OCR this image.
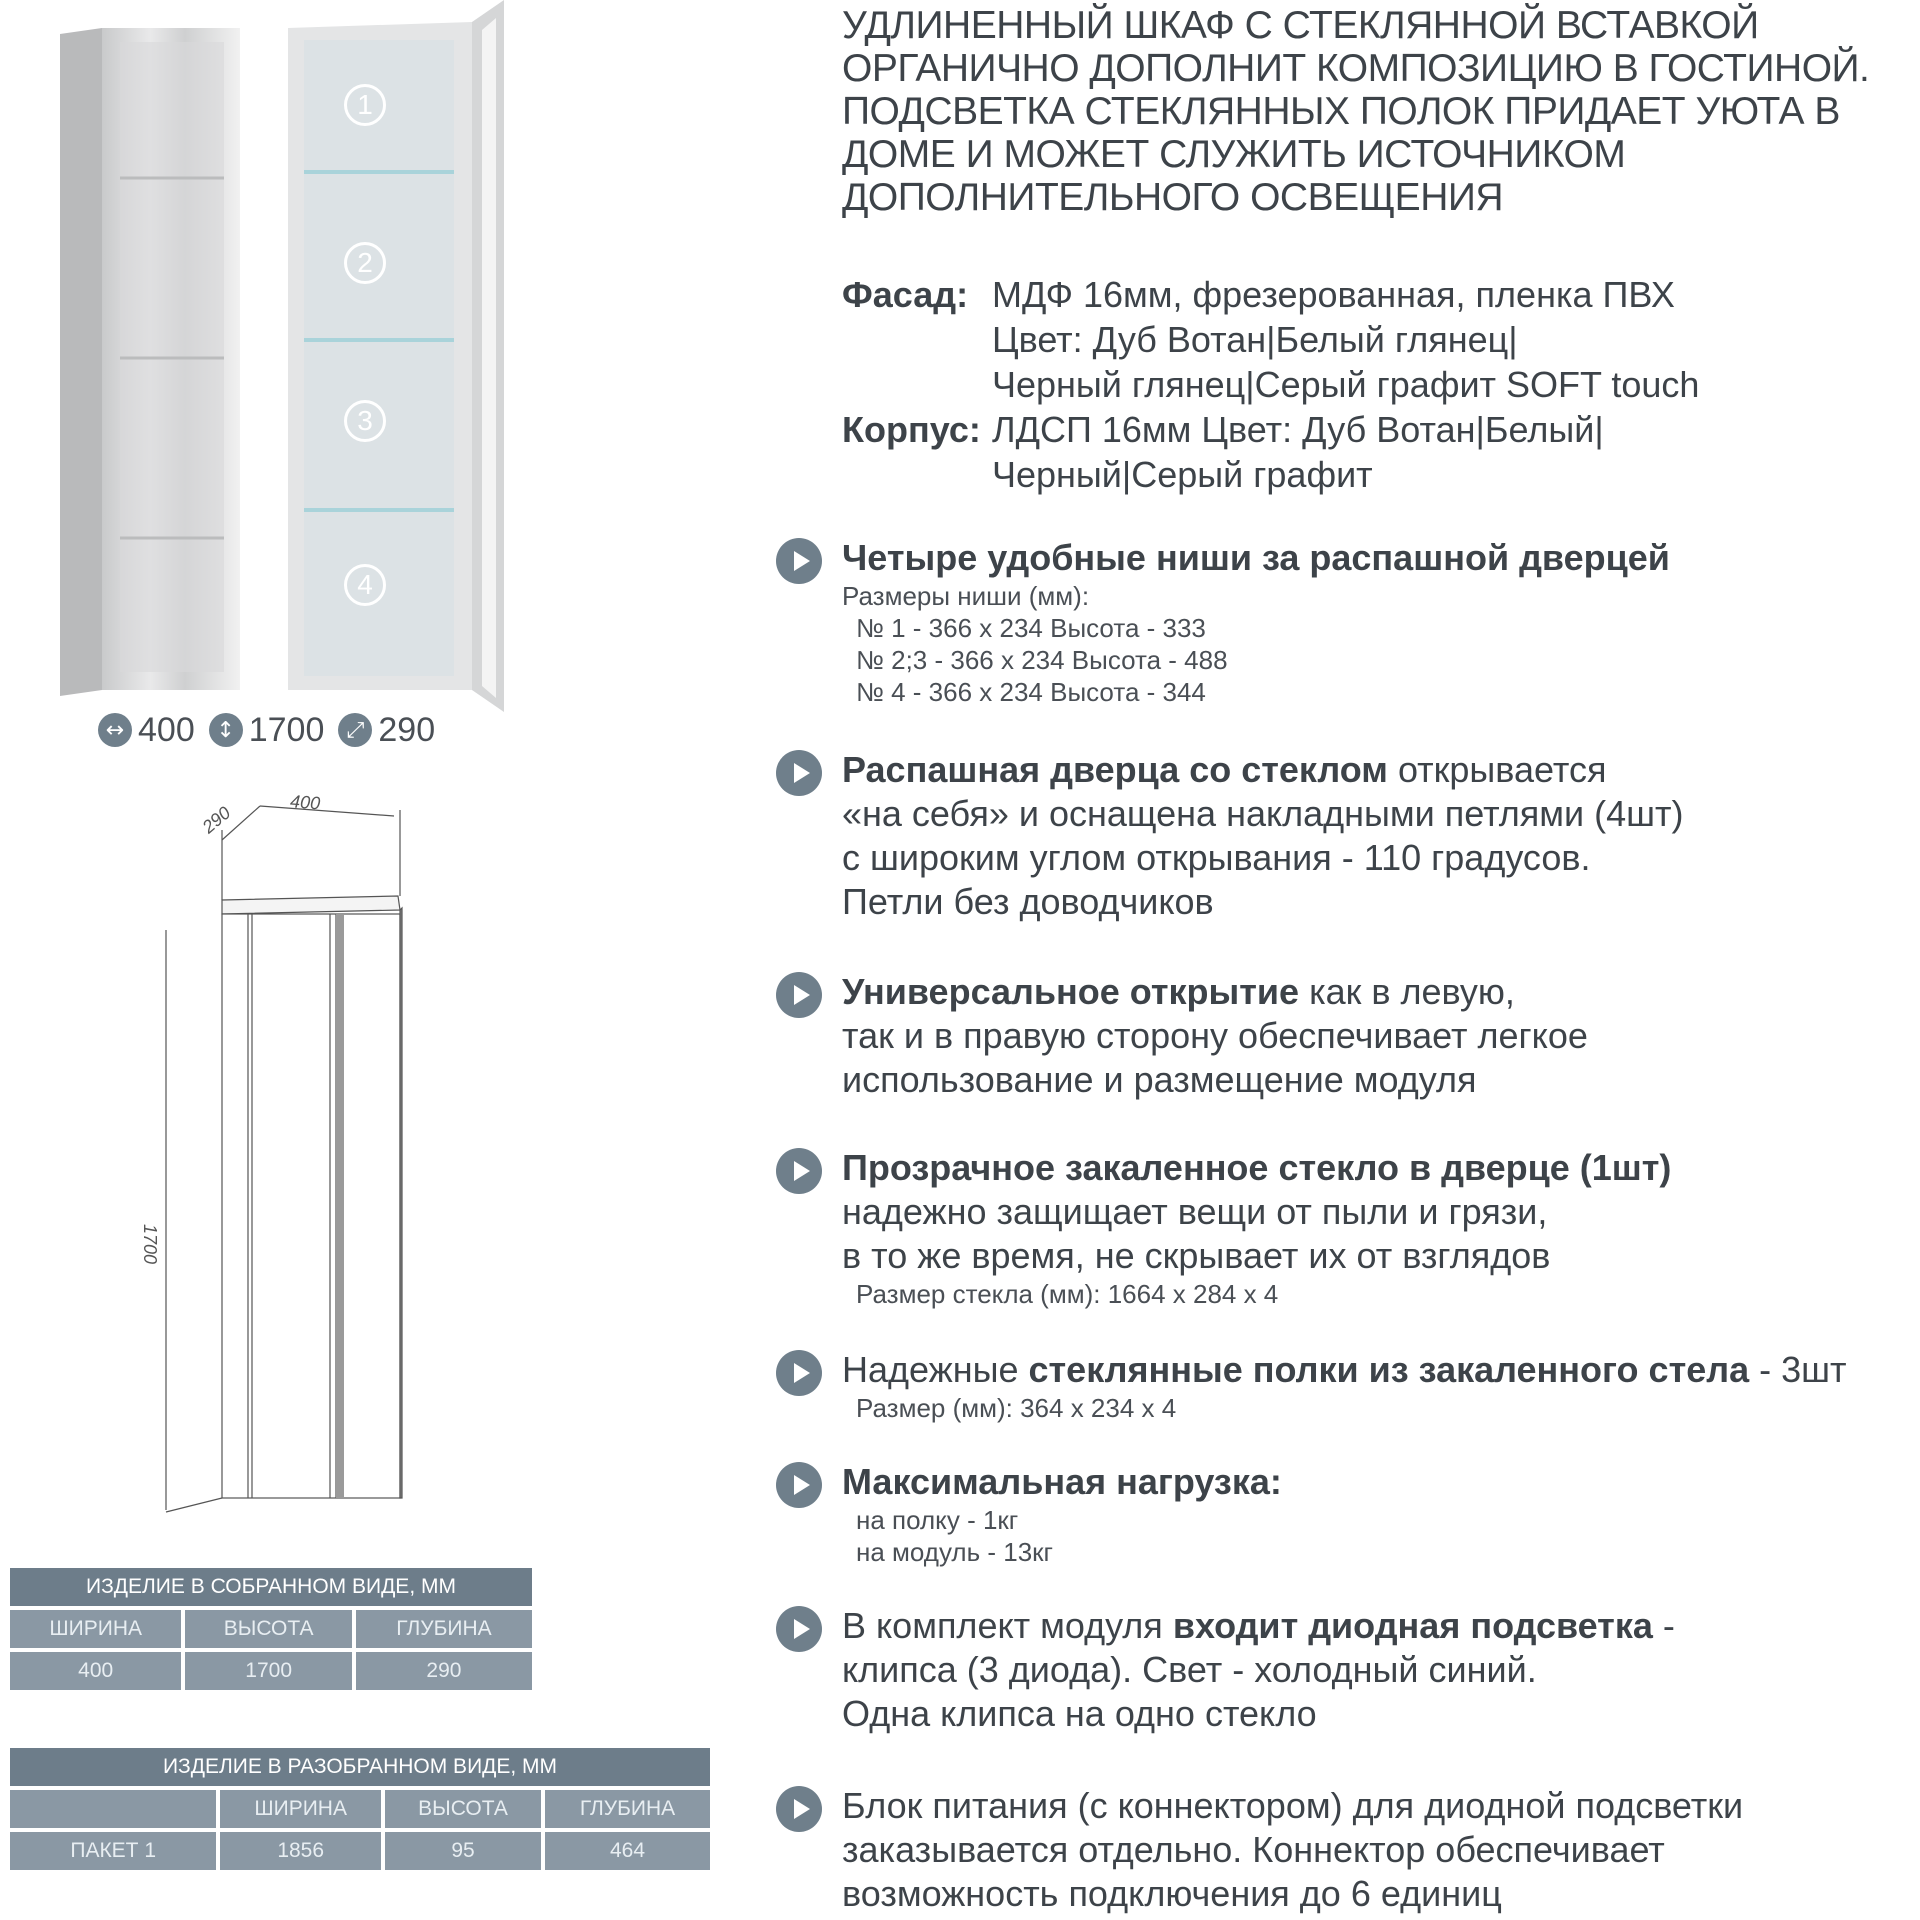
1
2
3
4
↔ 400 ↕ 1700	⤢ 290
290
400
1700
ИЗДЕЛИЕ В СОБРАННОМ ВИДЕ, ММ		
ШИРИНА	ВЫСОТА	ГЛУБИНА
400	1700	290
ИЗДЕЛИЕ В РАЗОБРАННОМ ВИДЕ, ММ			
	ШИРИНА	ВЫСОТА	ГЛУБИНА
ПАКЕТ 1	1856	95	464
УДЛИНЕННЫЙ ШКАФ С СТЕКЛЯННОЙ ВСТАВКОЙ
ОРГАНИЧНО ДОПОЛНИТ КОМПОЗИЦИЮ В ГОСТИНОЙ.
ПОДСВЕТКА СТЕКЛЯННЫХ ПОЛОК ПРИДАЕТ УЮТА В
ДОМЕ И МОЖЕТ СЛУЖИТЬ ИСТОЧНИКОМ
ДОПОЛНИТЕЛЬНОГО ОСВЕЩЕНИЯ
Фасад: МДФ 16мм, фрезерованная, пленка ПВХ
Цвет: Дуб Вотан|Белый глянец|
Черный глянец|Серый графит SOFT touch
Корпус: ЛДСП 16мм Цвет: Дуб Вотан|Белый|
Черный|Серый графит
Четыре удобные ниши за распашной дверцей
Размеры ниши (мм):
№ 1 - 366 x 234 Высота - 333
№ 2;3 - 366 x 234 Высота - 488
№ 4 - 366 x 234 Высота - 344
Распашная дверца со стеклом открывается
«на себя» и оснащена накладными петлями (4шт)
с широким углом открывания - 110 градусов.
Петли без доводчиков
Универсальное открытие как в левую,
так и в правую сторону обеспечивает легкое
использование и размещение модуля
Прозрачное закаленное стекло в дверце (1шт)
надежно защищает вещи от пыли и грязи,
в то же время, не скрывает их от взглядов
Размер стекла (мм): 1664 x 284 x 4
Надежные стеклянные полки из закаленного стела - 3шт
Размер (мм): 364 x 234 x 4
Максимальная нагрузка:
на полку - 1кг
на модуль - 13кг
В комплект модуля входит диодная подсветка -
клипса (3 диода). Свет - холодный синий.
Одна клипса на одно стекло
Блок питания (с коннектором) для диодной подсветки
заказывается отдельно. Коннектор обеспечивает
возможность подключения до 6 единиц
